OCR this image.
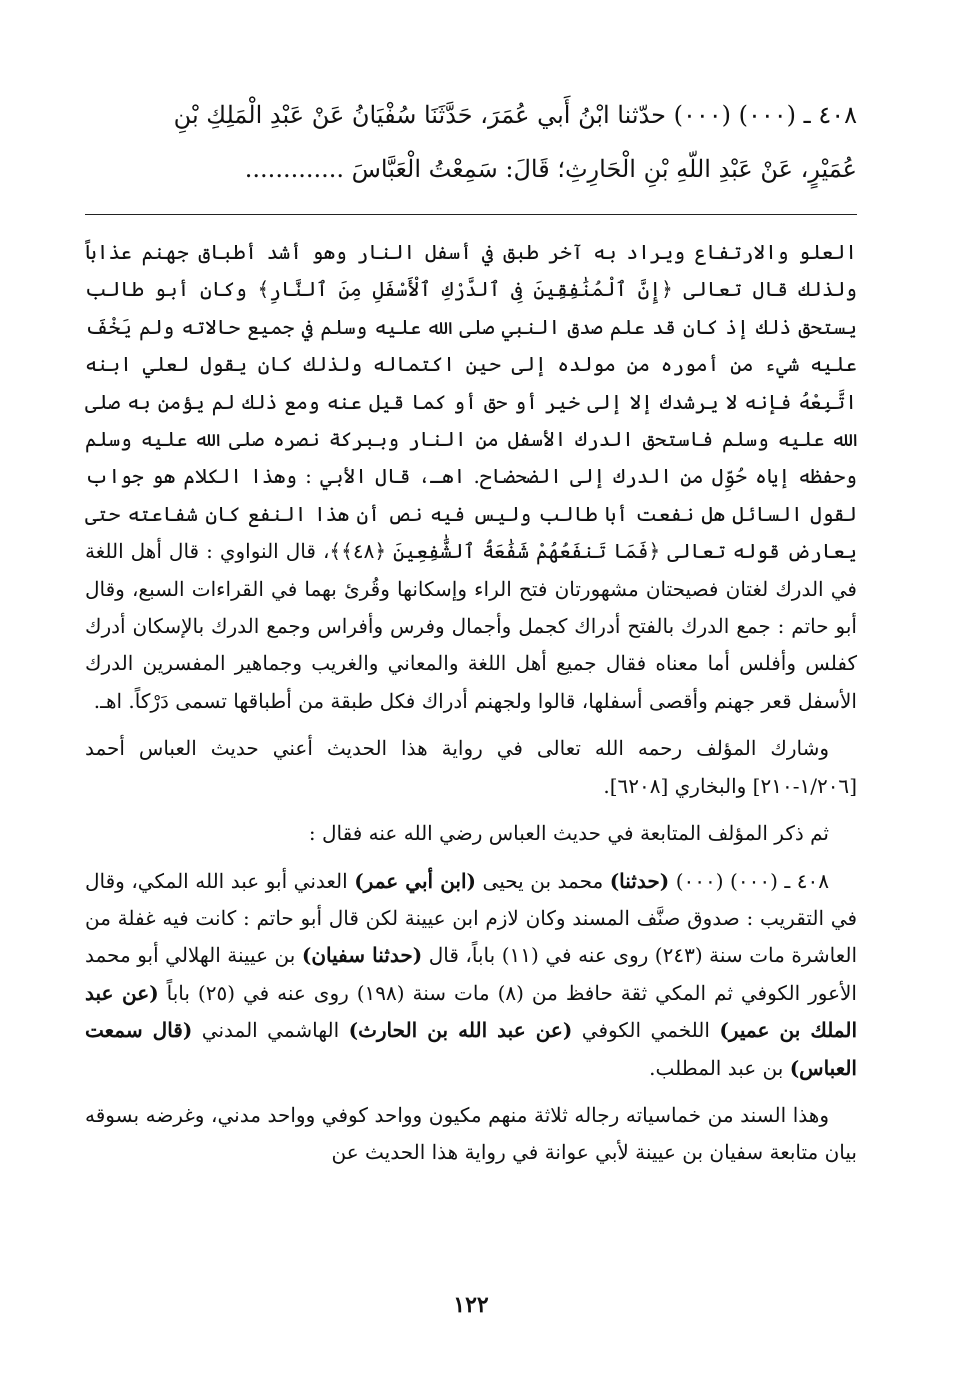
٤٠٨ ـ (٠٠٠) (٠٠٠) حدّثنا ابْنُ أَبي عُمَرَ، حَدَّثَنَا سُفْيَانُ عَنْ عَبْدِ الْمَلِكِ بْنِ

عُمَيْرٍ، عَنْ عَبْدِ اللّهِ بْنِ الْحَارِثِ؛ قَالَ: سَمِعْتُ الْعَبَّاسَ .............

العلو والارتفاع ويراد به آخر طبق في أسفل النار وهو أشد أطباق جهنم عذاباً ولذلك قال تعالى ﴿إِنَّ ٱلْمُنَٰفِقِينَ فِى ٱلدَّرْكِ ٱلْأَسْفَلِ مِنَ ٱلنَّارِ﴾ وكان أبو طالب يستحق ذلك إذ كان قد علم صدق النبي صلى الله عليه وسلم في جميع حالاته ولم يَخْفَ عليه شيء من أموره من مولده إلى حين اكتماله ولذلك كان يقول لعلي ابنه اتَّبِعْهُ فإنه لا يرشدك إلا إلى خير أو حق أو كما قيل عنه ومع ذلك لم يؤمن به صلى الله عليه وسلم فاستحق الدرك الأسفل من النار وببركة نصره صلى الله عليه وسلم وحفظه إياه حُوِّل من الدرك إلى الضحضاح. اهـ، قال الأبي : وهذا الكلام هو جواب لقول السائل هل نفعت أبا طالب وليس فيه نص أن هذا النفع كان شفاعته حتى يعارض قوله تعالى ﴿فَمَا تَنفَعُهُمْ شَفَٰعَةُ ٱلشَّٰفِعِينَ ﴿٤٨﴾﴾، قال النواوي : قال أهل اللغة في الدرك لغتان فصيحتان مشهورتان فتح الراء وإسكانها وقُرئ بهما في القراءات السبع، وقال أبو حاتم : جمع الدرك بالفتح أدراك كجمل وأجمال وفرس وأفراس وجمع الدرك بالإسكان أدرك كفلس وأفلس أما معناه فقال جميع أهل اللغة والمعاني والغريب وجماهير المفسرين الدرك الأسفل قعر جهنم وأقصى أسفلها، قالوا ولجهنم أدراك فكل طبقة من أطباقها تسمى دَرْكاً. اهـ.

وشارك المؤلف رحمه الله تعالى في رواية هذا الحديث أعني حديث العباس أحمد [١/٢٠٦-٢١٠] والبخاري [٦٢٠٨].

ثم ذكر المؤلف المتابعة في حديث العباس رضي الله عنه فقال :

٤٠٨ ـ (٠٠٠) (٠٠٠) (حدثنا) محمد بن يحيى (ابن أبي عمر) العدني أبو عبد الله المكي، وقال في التقريب : صدوق صنَّف المسند وكان لازم ابن عيينة لكن قال أبو حاتم : كانت فيه غفلة من العاشرة مات سنة (٢٤٣) روى عنه في (١١) باباً، قال (حدثنا سفيان) بن عيينة الهلالي أبو محمد الأعور الكوفي ثم المكي ثقة حافظ من (٨) مات سنة (١٩٨) روى عنه في (٢٥) باباً (عن عبد الملك بن عمير) اللخمي الكوفي (عن عبد الله بن الحارث) الهاشمي المدني (قال سمعت العباس) بن عبد المطلب.

وهذا السند من خماسياته رجاله ثلاثة منهم مكيون وواحد كوفي وواحد مدني، وغرضه بسوقه بيان متابعة سفيان بن عيينة لأبي عوانة في رواية هذا الحديث عن

١٢٢
